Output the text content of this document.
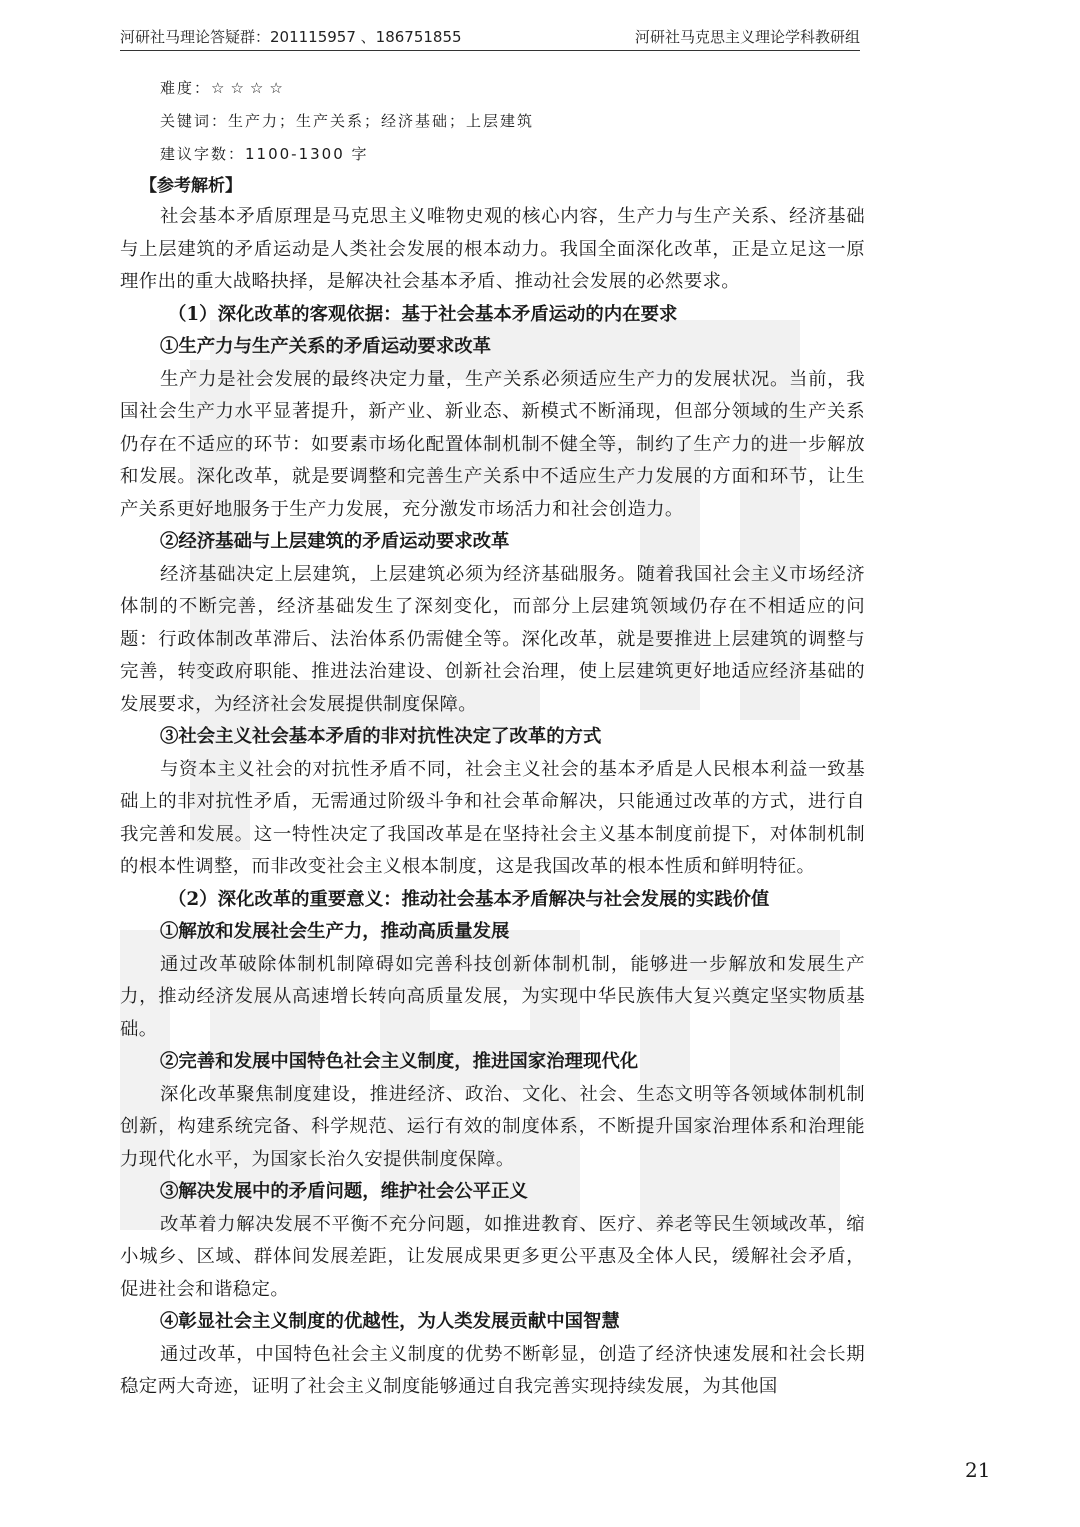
河研社马理论答疑群：201115957 、186751855	河研社马克思主义理论学科教研组
难度：☆☆☆☆
关键词：生产力；生产关系；经济基础；上层建筑
建议字数：1100-1300 字
【参考解析】

社会基本矛盾原理是马克思主义唯物史观的核心内容，生产力与生产关系、经济基础与上层建筑的矛盾运动是人类社会发展的根本动力。我国全面深化改革，正是立足这一原理作出的重大战略抉择，是解决社会基本矛盾、推动社会发展的必然要求。

（1）深化改革的客观依据：基于社会基本矛盾运动的内在要求

①生产力与生产关系的矛盾运动要求改革

生产力是社会发展的最终决定力量，生产关系必须适应生产力的发展状况。当前，我国社会生产力水平显著提升，新产业、新业态、新模式不断涌现，但部分领域的生产关系仍存在不适应的环节：如要素市场化配置体制机制不健全等，制约了生产力的进一步解放和发展。深化改革，就是要调整和完善生产关系中不适应生产力发展的方面和环节，让生产关系更好地服务于生产力发展，充分激发市场活力和社会创造力。

②经济基础与上层建筑的矛盾运动要求改革

经济基础决定上层建筑，上层建筑必须为经济基础服务。随着我国社会主义市场经济体制的不断完善，经济基础发生了深刻变化，而部分上层建筑领域仍存在不相适应的问题：行政体制改革滞后、法治体系仍需健全等。深化改革，就是要推进上层建筑的调整与完善，转变政府职能、推进法治建设、创新社会治理，使上层建筑更好地适应经济基础的发展要求，为经济社会发展提供制度保障。

③社会主义社会基本矛盾的非对抗性决定了改革的方式

与资本主义社会的对抗性矛盾不同，社会主义社会的基本矛盾是人民根本利益一致基础上的非对抗性矛盾，无需通过阶级斗争和社会革命解决，只能通过改革的方式，进行自我完善和发展。这一特性决定了我国改革是在坚持社会主义基本制度前提下，对体制机制的根本性调整，而非改变社会主义根本制度，这是我国改革的根本性质和鲜明特征。

（2）深化改革的重要意义：推动社会基本矛盾解决与社会发展的实践价值

①解放和发展社会生产力，推动高质量发展

通过改革破除体制机制障碍如完善科技创新体制机制，能够进一步解放和发展生产力，推动经济发展从高速增长转向高质量发展，为实现中华民族伟大复兴奠定坚实物质基础。

②完善和发展中国特色社会主义制度，推进国家治理现代化

深化改革聚焦制度建设，推进经济、政治、文化、社会、生态文明等各领域体制机制创新，构建系统完备、科学规范、运行有效的制度体系，不断提升国家治理体系和治理能力现代化水平，为国家长治久安提供制度保障。

③解决发展中的矛盾问题，维护社会公平正义

改革着力解决发展不平衡不充分问题，如推进教育、医疗、养老等民生领域改革，缩小城乡、区域、群体间发展差距，让发展成果更多更公平惠及全体人民，缓解社会矛盾，促进社会和谐稳定。

④彰显社会主义制度的优越性，为人类发展贡献中国智慧

通过改革，中国特色社会主义制度的优势不断彰显，创造了经济快速发展和社会长期稳定两大奇迹，证明了社会主义制度能够通过自我完善实现持续发展，为其他国

21
